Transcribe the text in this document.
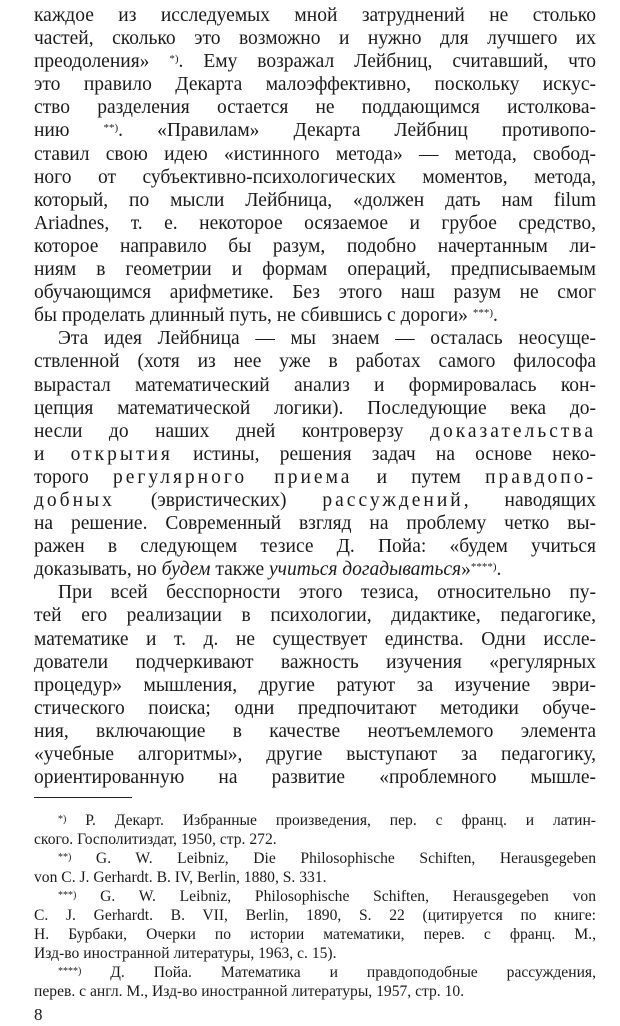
каждое из исследуемых мной затруднений не столько
частей, сколько это возможно и нужно для лучшего их
преодоления» *). Ему возражал Лейбниц, считавший, что
это правило Декарта малоэффективно, поскольку искус-
ство разделения остается не поддающимся истолкова-
нию **). «Правилам» Декарта Лейбниц противопо-
ставил свою идею «истинного метода» — метода, свобод-
ного от субъективно-психологических моментов, метода,
который, по мысли Лейбница, «должен дать нам filum
Ariadnes, т. е. некоторое осязаемое и грубое средство,
которое направило бы разум, подобно начертанным ли-
ниям в геометрии и формам операций, предписываемым
обучающимся арифметике. Без этого наш разум не смог
бы проделать длинный путь, не сбившись с дороги» ***).
Эта идея Лейбница — мы знаем — осталась неосуще-
ствленной (хотя из нее уже в работах самого философа
вырастал математический анализ и формировалась кон-
цепция математической логики). Последующие века до-
несли до наших дней контроверзу доказательства
и открытия истины, решения задач на основе неко-
торого регулярного приема и путем правдопо-
добных (эвристических) рассуждений, наводящих
на решение. Современный взгляд на проблему четко вы-
ражен в следующем тезисе Д. Пойа: «будем учиться
доказывать, но будем также учиться догадываться»****).
При всей бесспорности этого тезиса, относительно пу-
тей его реализации в психологии, дидактике, педагогике,
математике и т. д. не существует единства. Одни иссле-
дователи подчеркивают важность изучения «регулярных
процедур» мышления, другие ратуют за изучение эври-
стического поиска; одни предпочитают методики обуче-
ния, включающие в качестве неотъемлемого элемента
«учебные алгоритмы», другие выступают за педагогику,
ориентированную на развитие «проблемного мышле-
*) Р. Декарт. Избранные произведения, пер. с франц. и латин-
ского. Госполитиздат, 1950, стр. 272.
**) G. W. Leibniz, Die Philosophische Schiften, Herausgegeben
von C. J. Gerhardt. B. IV, Berlin, 1880, S. 331.
***) G. W. Leibniz, Philosophische Schiften, Herausgegeben von
C. J. Gerhardt. B. VII, Berlin, 1890, S. 22 (цитируется по книге:
Н. Бурбаки, Очерки по истории математики, перев. с франц. М.,
Изд-во иностранной литературы, 1963, с. 15).
****) Д. Пойа. Математика и правдоподобные рассуждения,
перев. с англ. М., Изд-во иностранной литературы, 1957, стр. 10.
8
